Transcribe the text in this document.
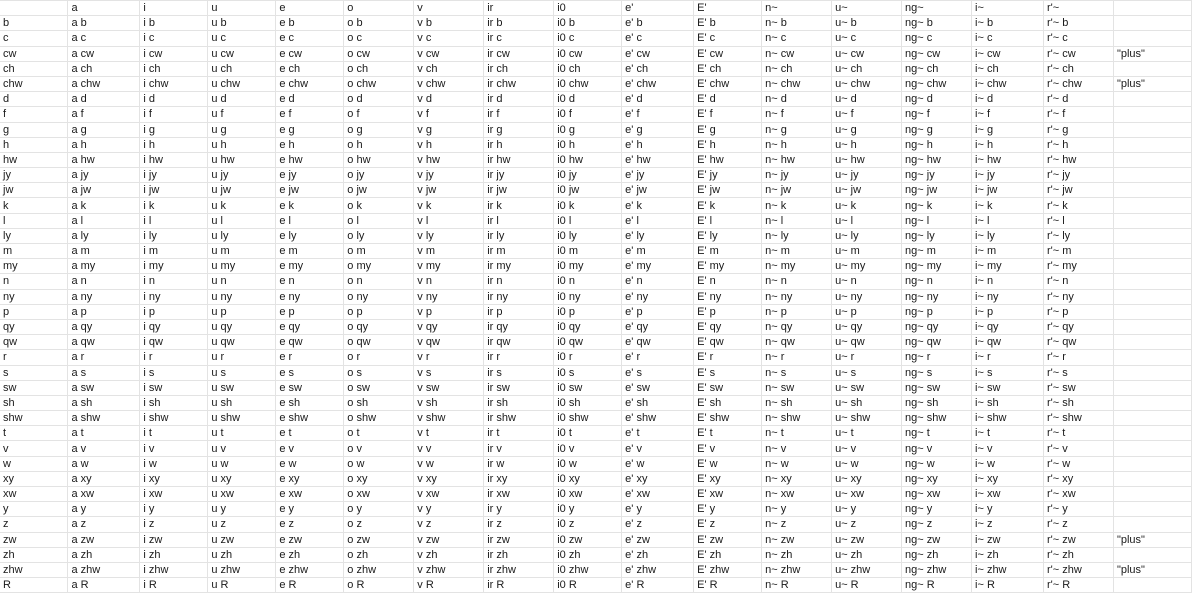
	a	i	u	e	o	v	ir	i0	e'	E'	n~	u~	ng~	i~	r'~	
b	a b	i b	u b	e b	o b	v b	ir b	i0 b	e' b	E' b	n~ b	u~ b	ng~ b	i~ b	r'~ b	
c	a c	i c	u c	e c	o c	v c	ir c	i0 c	e' c	E' c	n~ c	u~ c	ng~ c	i~ c	r'~ c	
cw	a cw	i cw	u cw	e cw	o cw	v cw	ir cw	i0 cw	e' cw	E' cw	n~ cw	u~ cw	ng~ cw	i~ cw	r'~ cw	"plus"
ch	a ch	i ch	u ch	e ch	o ch	v ch	ir ch	i0 ch	e' ch	E' ch	n~ ch	u~ ch	ng~ ch	i~ ch	r'~ ch	
chw	a chw	i chw	u chw	e chw	o chw	v chw	ir chw	i0 chw	e' chw	E' chw	n~ chw	u~ chw	ng~ chw	i~ chw	r'~ chw	"plus"
d	a d	i d	u d	e d	o d	v d	ir d	i0 d	e' d	E' d	n~ d	u~ d	ng~ d	i~ d	r'~ d	
f	a f	i f	u f	e f	o f	v f	ir f	i0 f	e' f	E' f	n~ f	u~ f	ng~ f	i~ f	r'~ f	
g	a g	i g	u g	e g	o g	v g	ir g	i0 g	e' g	E' g	n~ g	u~ g	ng~ g	i~ g	r'~ g	
h	a h	i h	u h	e h	o h	v h	ir h	i0 h	e' h	E' h	n~ h	u~ h	ng~ h	i~ h	r'~ h	
hw	a hw	i hw	u hw	e hw	o hw	v hw	ir hw	i0 hw	e' hw	E' hw	n~ hw	u~ hw	ng~ hw	i~ hw	r'~ hw	
jy	a jy	i jy	u jy	e jy	o jy	v jy	ir jy	i0 jy	e' jy	E' jy	n~ jy	u~ jy	ng~ jy	i~ jy	r'~ jy	
jw	a jw	i jw	u jw	e jw	o jw	v jw	ir jw	i0 jw	e' jw	E' jw	n~ jw	u~ jw	ng~ jw	i~ jw	r'~ jw	
k	a k	i k	u k	e k	o k	v k	ir k	i0 k	e' k	E' k	n~ k	u~ k	ng~ k	i~ k	r'~ k	
l	a l	i l	u l	e l	o l	v l	ir l	i0 l	e' l	E' l	n~ l	u~ l	ng~ l	i~ l	r'~ l	
ly	a ly	i ly	u ly	e ly	o ly	v ly	ir ly	i0 ly	e' ly	E' ly	n~ ly	u~ ly	ng~ ly	i~ ly	r'~ ly	
m	a m	i m	u m	e m	o m	v m	ir m	i0 m	e' m	E' m	n~ m	u~ m	ng~ m	i~ m	r'~ m	
my	a my	i my	u my	e my	o my	v my	ir my	i0 my	e' my	E' my	n~ my	u~ my	ng~ my	i~ my	r'~ my	
n	a n	i n	u n	e n	o n	v n	ir n	i0 n	e' n	E' n	n~ n	u~ n	ng~ n	i~ n	r'~ n	
ny	a ny	i ny	u ny	e ny	o ny	v ny	ir ny	i0 ny	e' ny	E' ny	n~ ny	u~ ny	ng~ ny	i~ ny	r'~ ny	
p	a p	i p	u p	e p	o p	v p	ir p	i0 p	e' p	E' p	n~ p	u~ p	ng~ p	i~ p	r'~ p	
qy	a qy	i qy	u qy	e qy	o qy	v qy	ir qy	i0 qy	e' qy	E' qy	n~ qy	u~ qy	ng~ qy	i~ qy	r'~ qy	
qw	a qw	i qw	u qw	e qw	o qw	v qw	ir qw	i0 qw	e' qw	E' qw	n~ qw	u~ qw	ng~ qw	i~ qw	r'~ qw	
r	a r	i r	u r	e r	o r	v r	ir r	i0 r	e' r	E' r	n~ r	u~ r	ng~ r	i~ r	r'~ r	
s	a s	i s	u s	e s	o s	v s	ir s	i0 s	e' s	E' s	n~ s	u~ s	ng~ s	i~ s	r'~ s	
sw	a sw	i sw	u sw	e sw	o sw	v sw	ir sw	i0 sw	e' sw	E' sw	n~ sw	u~ sw	ng~ sw	i~ sw	r'~ sw	
sh	a sh	i sh	u sh	e sh	o sh	v sh	ir sh	i0 sh	e' sh	E' sh	n~ sh	u~ sh	ng~ sh	i~ sh	r'~ sh	
shw	a shw	i shw	u shw	e shw	o shw	v shw	ir shw	i0 shw	e' shw	E' shw	n~ shw	u~ shw	ng~ shw	i~ shw	r'~ shw	
t	a t	i t	u t	e t	o t	v t	ir t	i0 t	e' t	E' t	n~ t	u~ t	ng~ t	i~ t	r'~ t	
v	a v	i v	u v	e v	o v	v v	ir v	i0 v	e' v	E' v	n~ v	u~ v	ng~ v	i~ v	r'~ v	
w	a w	i w	u w	e w	o w	v w	ir w	i0 w	e' w	E' w	n~ w	u~ w	ng~ w	i~ w	r'~ w	
xy	a xy	i xy	u xy	e xy	o xy	v xy	ir xy	i0 xy	e' xy	E' xy	n~ xy	u~ xy	ng~ xy	i~ xy	r'~ xy	
xw	a xw	i xw	u xw	e xw	o xw	v xw	ir xw	i0 xw	e' xw	E' xw	n~ xw	u~ xw	ng~ xw	i~ xw	r'~ xw	
y	a y	i y	u y	e y	o y	v y	ir y	i0 y	e' y	E' y	n~ y	u~ y	ng~ y	i~ y	r'~ y	
z	a z	i z	u z	e z	o z	v z	ir z	i0 z	e' z	E' z	n~ z	u~ z	ng~ z	i~ z	r'~ z	
zw	a zw	i zw	u zw	e zw	o zw	v zw	ir zw	i0 zw	e' zw	E' zw	n~ zw	u~ zw	ng~ zw	i~ zw	r'~ zw	"plus"
zh	a zh	i zh	u zh	e zh	o zh	v zh	ir zh	i0 zh	e' zh	E' zh	n~ zh	u~ zh	ng~ zh	i~ zh	r'~ zh	
zhw	a zhw	i zhw	u zhw	e zhw	o zhw	v zhw	ir zhw	i0 zhw	e' zhw	E' zhw	n~ zhw	u~ zhw	ng~ zhw	i~ zhw	r'~ zhw	"plus"
R	a R	i R	u R	e R	o R	v R	ir R	i0 R	e' R	E' R	n~ R	u~ R	ng~ R	i~ R	r'~ R	
